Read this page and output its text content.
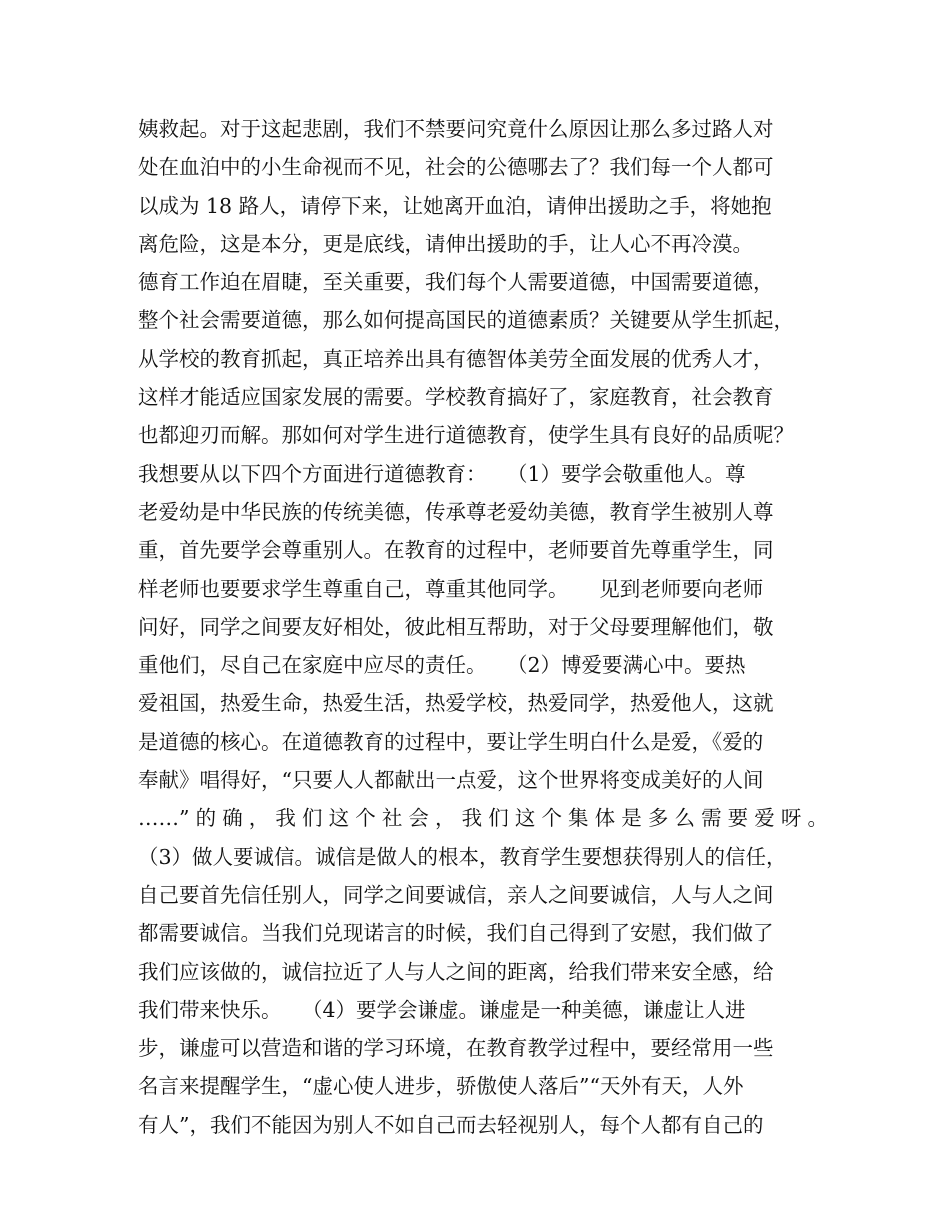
姨救起。对于这起悲剧，我们不禁要问究竟什么原因让那么多过路人对
处在血泊中的小生命视而不见，社会的公德哪去了？我们每一个人都可
以成为 18 路人，请停下来，让她离开血泊，请伸出援助之手，将她抱
离危险，这是本分，更是底线，请伸出援助的手，让人心不再冷漠。
德育工作迫在眉睫，至关重要，我们每个人需要道德，中国需要道德，
整个社会需要道德，那么如何提高国民的道德素质？关键要从学生抓起，
从学校的教育抓起，真正培养出具有德智体美劳全面发展的优秀人才，
这样才能适应国家发展的需要。学校教育搞好了，家庭教育，社会教育
也都迎刃而解。那如何对学生进行道德教育，使学生具有良好的品质呢？
我想要从以下四个方面进行道德教育：　　（1）要学会敬重他人。尊
老爱幼是中华民族的传统美德，传承尊老爱幼美德，教育学生被别人尊
重，首先要学会尊重别人。在教育的过程中，老师要首先尊重学生，同
样老师也要要求学生尊重自己，尊重其他同学。　　见到老师要向老师
问好，同学之间要友好相处，彼此相互帮助，对于父母要理解他们，敬
重他们，尽自己在家庭中应尽的责任。　　（2）博爱要满心中。要热
爱祖国，热爱生命，热爱生活，热爱学校，热爱同学，热爱他人，这就
是道德的核心。在道德教育的过程中，要让学生明白什么是爱，《爱的
奉献》唱得好，“只要人人都献出一点爱，这个世界将变成美好的人间
……”的确，我们这个社会，我们这个集体是多么需要爱呀。
（3）做人要诚信。诚信是做人的根本，教育学生要想获得别人的信任，
自己要首先信任别人，同学之间要诚信，亲人之间要诚信，人与人之间
都需要诚信。当我们兑现诺言的时候，我们自己得到了安慰，我们做了
我们应该做的，诚信拉近了人与人之间的距离，给我们带来安全感，给
我们带来快乐。　　（4）要学会谦虚。谦虚是一种美德，谦虚让人进
步，谦虚可以营造和谐的学习环境，在教育教学过程中，要经常用一些
名言来提醒学生，“虚心使人进步，骄傲使人落后”“天外有天，人外
有人”，我们不能因为别人不如自己而去轻视别人，每个人都有自己的
